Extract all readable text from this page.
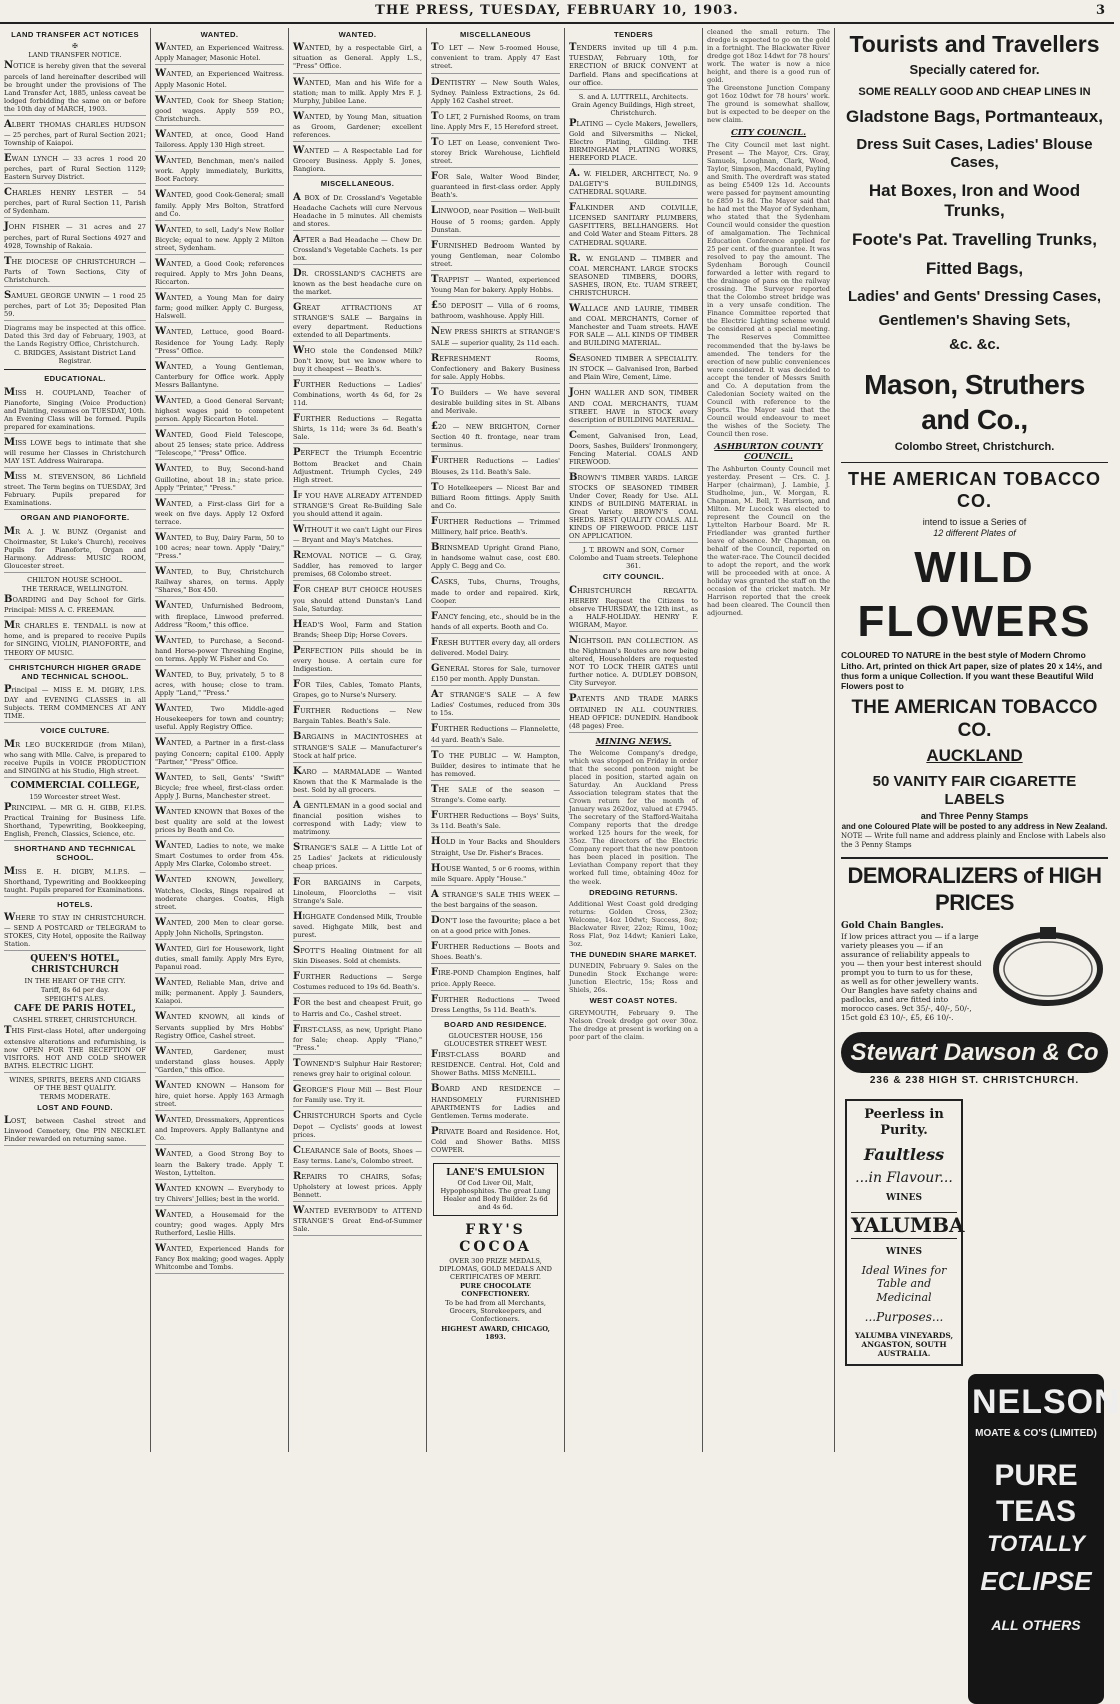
THE PRESS, TUESDAY, FEBRUARY 10, 1903.	3
LAND TRANSFER ACT NOTICES
✠
LAND TRANSFER NOTICE.
NOTICE is hereby given that the several parcels of land hereinafter described will be brought under the provisions of The Land Transfer Act, 1885, unless caveat be lodged forbidding the same on or before the 10th day of MARCH, 1903.
ALBERT THOMAS CHARLES HUDSON — 25 perches, part of Rural Section 2021; Township of Kaiapoi.
EWAN LYNCH — 33 acres 1 rood 20 perches, part of Rural Section 1129; Eastern Survey District.
CHARLES HENRY LESTER — 54 perches, part of Rural Section 11, Parish of Sydenham.
JOHN FISHER — 31 acres and 27 perches, part of Rural Sections 4927 and 4928, Township of Rakaia.
THE DIOCESE OF CHRISTCHURCH — Parts of Town Sections, City of Christchurch.
SAMUEL GEORGE UNWIN — 1 rood 25 perches, part of Lot 35; Deposited Plan 59.
Diagrams may be inspected at this office. Dated this 3rd day of February, 1903, at the Lands Registry Office, Christchurch.
C. BRIDGES, Assistant District Land Registrar.
EDUCATIONAL.
MISS H. COUPLAND, Teacher of Pianoforte, Singing (Voice Production) and Painting, resumes on TUESDAY, 10th. An Evening Class will be formed. Pupils prepared for examinations.
MISS LOWE begs to intimate that she will resume her Classes in Christchurch MAY 1ST. Address Wairarapa.
MISS M. STEVENSON, 86 Lichfield street. The Term begins on TUESDAY, 3rd February. Pupils prepared for Examinations.
ORGAN AND PIANOFORTE.
MR A. J. W. BUNZ (Organist and Choirmaster, St Luke's Church), receives Pupils for Pianoforte, Organ and Harmony. Address: MUSIC ROOM, Gloucester street.
CHILTON HOUSE SCHOOL.
THE TERRACE, WELLINGTON.
BOARDING and Day School for Girls. Principal: MISS A. C. FREEMAN.
MR CHARLES E. TENDALL is now at home, and is prepared to receive Pupils for SINGING, VIOLIN, PIANOFORTE, and THEORY OF MUSIC.
CHRISTCHURCH HIGHER GRADE AND TECHNICAL SCHOOL.
Principal — MISS E. M. DIGBY, I.P.S. DAY and EVENING CLASSES in all Subjects. TERM COMMENCES AT ANY TIME.
VOICE CULTURE.
MR LEO BUCKERIDGE (from Milan), who sang with Mlle. Calve, is prepared to receive Pupils in VOICE PRODUCTION and SINGING at his Studio, High street.
COMMERCIAL COLLEGE,
159 Worcester street West.
PRINCIPAL — MR G. H. GIBB, F.I.P.S. Practical Training for Business Life. Shorthand, Typewriting, Bookkeeping, English, French, Classics, Science, etc.
SHORTHAND AND TECHNICAL SCHOOL.
MISS E. H. DIGBY, M.I.P.S. — Shorthand, Typewriting and Bookkeeping taught. Pupils prepared for Examinations.
HOTELS.
WHERE TO STAY IN CHRISTCHURCH. — SEND A POSTCARD or TELEGRAM to STOKES, City Hotel, opposite the Railway Station.
QUEEN'S HOTEL, CHRISTCHURCH
IN THE HEART OF THE CITY.
Tariff, 8s 6d per day.
SPEIGHT'S ALES.
CAFE DE PARIS HOTEL,
CASHEL STREET, CHRISTCHURCH.
THIS First-class Hotel, after undergoing extensive alterations and refurnishing, is now OPEN FOR THE RECEPTION OF VISITORS. HOT AND COLD SHOWER BATHS. ELECTRIC LIGHT.
WINES, SPIRITS, BEERS AND CIGARS OF THE BEST QUALITY.
TERMS MODERATE.
LOST AND FOUND.
LOST, between Cashel street and Linwood Cemetery, One PIN NECKLET. Finder rewarded on returning same.
WANTED.
WANTED, an Experienced Waitress. Apply Manager, Masonic Hotel.
WANTED, an Experienced Waitress. Apply Masonic Hotel.
WANTED, Cook for Sheep Station; good wages. Apply 559 P.O., Christchurch.
WANTED, at once, Good Hand Tailoress. Apply 130 High street.
WANTED, Benchman, men's nailed work. Apply immediately, Burkitts, Boot Factory.
WANTED, good Cook-General; small family. Apply Mrs Bolton, Stratford and Co.
WANTED, to sell, Lady's New Roller Bicycle; equal to new. Apply 2 Milton street, Sydenham.
WANTED, a Good Cook; references required. Apply to Mrs John Deans, Riccarton.
WANTED, a Young Man for dairy farm; good milker. Apply C. Burgess, Halswell.
WANTED, Lettuce, good Board-Residence for Young Lady. Reply "Press" Office.
WANTED, a Young Gentleman, Canterbury for Office work. Apply Messrs Ballantyne.
WANTED, a Good General Servant; highest wages paid to competent person. Apply Riccarton Hotel.
WANTED, Good Field Telescope, about 25 lenses; state price. Address "Telescope," "Press" Office.
WANTED, to Buy, Second-hand Guillotine, about 18 in.; state price. Apply "Printer," "Press."
WANTED, a First-class Girl for a week on five days. Apply 12 Oxford terrace.
WANTED, to Buy, Dairy Farm, 50 to 100 acres; near town. Apply "Dairy," "Press."
WANTED, to Buy, Christchurch Railway shares, on terms. Apply "Shares," Box 450.
WANTED, Unfurnished Bedroom, with fireplace, Linwood preferred. Address "Room," this office.
WANTED, to Purchase, a Second-hand Horse-power Threshing Engine, on terms. Apply W. Fisher and Co.
WANTED, to Buy, privately, 5 to 8 acres, with house; close to tram. Apply "Land," "Press."
WANTED, Two Middle-aged Housekeepers for town and country; useful. Apply Registry Office.
WANTED, a Partner in a first-class paying Concern; capital £100. Apply "Partner," "Press" Office.
WANTED, to Sell, Gents' "Swift" Bicycle; free wheel, first-class order. Apply J. Burns, Manchester street.
WANTED KNOWN that Boxes of the best quality are sold at the lowest prices by Beath and Co.
WANTED, Ladies to note, we make Smart Costumes to order from 45s. Apply Mrs Clarke, Colombo street.
WANTED KNOWN, Jewellery, Watches, Clocks, Rings repaired at moderate charges. Coates, High street.
WANTED, 200 Men to clear gorse. Apply John Nicholls, Springston.
WANTED, Girl for Housework, light duties, small family. Apply Mrs Eyre, Papanui road.
WANTED, Reliable Man, drive and milk; permanent. Apply J. Saunders, Kaiapoi.
WANTED KNOWN, all kinds of Servants supplied by Mrs Hobbs' Registry Office, Cashel street.
WANTED, Gardener, must understand glass houses. Apply "Garden," this office.
WANTED KNOWN — Hansom for hire, quiet horse. Apply 163 Armagh street.
WANTED, Dressmakers, Apprentices and Improvers. Apply Ballantyne and Co.
WANTED, a Good Strong Boy to learn the Bakery trade. Apply T. Weston, Lyttelton.
WANTED KNOWN — Everybody to try Chivers' Jellies; best in the world.
WANTED, a Housemaid for the country; good wages. Apply Mrs Rutherford, Leslie Hills.
WANTED, Experienced Hands for Fancy Box making; good wages. Apply Whitcombe and Tombs.
WANTED.
WANTED, by a respectable Girl, a situation as General. Apply L.S., "Press" Office.
WANTED, Man and his Wife for a station; man to milk. Apply Mrs F. J. Murphy, Jubilee Lane.
WANTED, by Young Man, situation as Groom, Gardener; excellent references.
WANTED — A Respectable Lad for Grocery Business. Apply S. Jones, Rangiora.
MISCELLANEOUS.
A BOX of Dr. Crossland's Vegetable Headache Cachets will cure Nervous Headache in 5 minutes. All chemists and stores.
AFTER a Bad Headache — Chew Dr. Crossland's Vegetable Cachets. 1s per box.
DR. CROSSLAND'S CACHETS are known as the best headache cure on the market.
GREAT ATTRACTIONS AT STRANGE'S SALE — Bargains in every department. Reductions extended to all Departments.
WHO stole the Condensed Milk? Don't know, but we know where to buy it cheapest — Beath's.
FURTHER Reductions — Ladies' Combinations, worth 4s 6d, for 2s 11d.
FURTHER Reductions — Regatta Shirts, 1s 11d; were 3s 6d. Beath's Sale.
PERFECT the Triumph Eccentric Bottom Bracket and Chain Adjustment. Triumph Cycles, 249 High street.
IF YOU HAVE ALREADY ATTENDED STRANGE'S Great Re-Building Sale you should attend it again.
WITHOUT it we can't Light our Fires — Bryant and May's Matches.
REMOVAL NOTICE — G. Gray, Saddler, has removed to larger premises, 68 Colombo street.
FOR CHEAP BUT CHOICE HOUSES you should attend Dunstan's Land Sale, Saturday.
HEAD'S Wool, Farm and Station Brands; Sheep Dip; Horse Covers.
PERFECTION Pills should be in every house. A certain cure for Indigestion.
FOR Tiles, Cables, Tomato Plants, Grapes, go to Nurse's Nursery.
FURTHER Reductions — New Bargain Tables. Beath's Sale.
BARGAINS in MACINTOSHES at STRANGE'S SALE — Manufacturer's Stock at half price.
KARO — MARMALADE — Wanted Known that the K Marmalade is the best. Sold by all grocers.
A GENTLEMAN in a good social and financial position wishes to correspond with Lady; view to matrimony.
STRANGE'S SALE — A Little Lot of 25 Ladies' Jackets at ridiculously cheap prices.
FOR BARGAINS in Carpets, Linoleum, Floorcloths — visit Strange's Sale.
HIGHGATE Condensed Milk, Trouble saved. Highgate Milk, best and purest.
SPOTT'S Healing Ointment for all Skin Diseases. Sold at chemists.
FURTHER Reductions — Serge Costumes reduced to 19s 6d. Beath's.
FOR the best and cheapest Fruit, go to Harris and Co., Cashel street.
FIRST-CLASS, as new, Upright Piano for Sale; cheap. Apply "Piano," "Press."
TOWNEND'S Sulphur Hair Restorer; renews grey hair to original colour.
GEORGE'S Flour Mill — Best Flour for Family use. Try it.
CHRISTCHURCH Sports and Cycle Depot — Cyclists' goods at lowest prices.
CLEARANCE Sale of Boots, Shoes — Easy terms. Lane's, Colombo street.
REPAIRS TO CHAIRS, Sofas; Upholstery at lowest prices. Apply Bennett.
WANTED EVERYBODY to ATTEND STRANGE'S Great End-of-Summer Sale.
MISCELLANEOUS
TO LET — New 5-roomed House, convenient to tram. Apply 47 East street.
DENTISTRY — New South Wales, Sydney. Painless Extractions, 2s 6d. Apply 162 Cashel street.
TO LET, 2 Furnished Rooms, on tram line. Apply Mrs F., 15 Hereford street.
TO LET on Lease, convenient Two-storey Brick Warehouse, Lichfield street.
FOR Sale, Walter Wood Binder, guaranteed in first-class order. Apply Beath's.
LINWOOD, near Position — Well-built House of 5 rooms; garden. Apply Dunstan.
FURNISHED Bedroom Wanted by young Gentleman, near Colombo street.
TRAPPIST — Wanted, experienced Young Man for bakery. Apply Hobbs.
£50 DEPOSIT — Villa of 6 rooms, bathroom, washhouse. Apply Hill.
NEW PRESS SHIRTS at STRANGE'S SALE — superior quality, 2s 11d each.
REFRESHMENT Rooms, Confectionery and Bakery Business for sale. Apply Hobbs.
TO Builders — We have several desirable building sites in St. Albans and Merivale.
£20 — NEW BRIGHTON, Corner Section 40 ft. frontage, near tram terminus.
FURTHER Reductions — Ladies' Blouses, 2s 11d. Beath's Sale.
TO Hotelkeepers — Nicest Bar and Billiard Room fittings. Apply Smith and Co.
FURTHER Reductions — Trimmed Millinery, half price. Beath's.
BRINSMEAD Upright Grand Piano, in handsome walnut case, cost £80. Apply C. Begg and Co.
CASKS, Tubs, Churns, Troughs, made to order and repaired. Kirk, Cooper.
FANCY fencing, etc., should be in the hands of all experts. Booth and Co.
FRESH BUTTER every day, all orders delivered. Model Dairy.
GENERAL Stores for Sale, turnover £150 per month. Apply Dunstan.
AT STRANGE'S SALE — A few Ladies' Costumes, reduced from 30s to 15s.
FURTHER Reductions — Flannelette, 4d yard. Beath's Sale.
TO THE PUBLIC — W. Hampton, Builder, desires to intimate that he has removed.
THE SALE of the season — Strange's. Come early.
FURTHER Reductions — Boys' Suits, 3s 11d. Beath's Sale.
HOLD in Your Backs and Shoulders Straight, Use Dr. Fisher's Braces.
HOUSE Wanted, 5 or 6 rooms, within mile Square. Apply "House."
A STRANGE'S SALE THIS WEEK — the best bargains of the season.
DON'T lose the favourite; place a bet on at a good price with Jones.
FURTHER Reductions — Boots and Shoes. Beath's.
FIRE-POND Champion Engines, half price. Apply Reece.
FURTHER Reductions — Tweed Dress Lengths, 5s 11d. Beath's.
BOARD AND RESIDENCE.
GLOUCESTER HOUSE, 156 GLOUCESTER STREET WEST.
FIRST-CLASS BOARD and RESIDENCE. Central. Hot, Cold and Shower Baths. MISS McNEILL.
BOARD AND RESIDENCE — HANDSOMELY FURNISHED APARTMENTS for Ladies and Gentlemen. Terms moderate.
PRIVATE Board and Residence. Hot, Cold and Shower Baths. MISS COWPER.
LANE'S EMULSION
Of Cod Liver Oil, Malt, Hypophosphites. The great Lung Healer and Body Builder. 2s 6d and 4s 6d.
FRY'S COCOA
OVER 300 PRIZE MEDALS, DIPLOMAS, GOLD MEDALS AND CERTIFICATES OF MERIT.
PURE CHOCOLATE CONFECTIONERY.
To be had from all Merchants, Grocers, Storekeepers, and Confectioners.
HIGHEST AWARD, CHICAGO, 1893.
TENDERS
TENDERS invited up till 4 p.m. TUESDAY, February 10th, for ERECTION of BRICK CONVENT at Darfield. Plans and specifications at our office.
S. and A. LUTTRELL, Architects. Grain Agency Buildings, High street, Christchurch.
PLATING — Cycle Makers, Jewellers, Gold and Silversmiths — Nickel, Electro Plating, Gilding. THE BIRMINGHAM PLATING WORKS, HEREFORD PLACE.
A. W. FIELDER, ARCHITECT, No. 9 DALGETY'S BUILDINGS, CATHEDRAL SQUARE.
FALKINDER AND COLVILLE, LICENSED SANITARY PLUMBERS, GASFITTERS, BELLHANGERS. Hot and Cold Water and Steam Fitters. 28 CATHEDRAL SQUARE.
R. W. ENGLAND — TIMBER and COAL MERCHANT. LARGE STOCKS SEASONED TIMBERS, DOORS, SASHES, IRON, Etc. TUAM STREET, CHRISTCHURCH.
WALLACE AND LAURIE, TIMBER and COAL MERCHANTS, Corner of Manchester and Tuam streets. HAVE FOR SALE — ALL KINDS OF TIMBER and BUILDING MATERIAL.
SEASONED TIMBER A SPECIALITY. IN STOCK — Galvanised Iron, Barbed and Plain Wire, Cement, Lime.
JOHN WALLER AND SON, TIMBER AND COAL MERCHANTS, TUAM STREET. HAVE in STOCK every description of BUILDING MATERIAL.
Cement, Galvanised Iron, Lead, Doors, Sashes, Builders' Ironmongery, Fencing Material. COALS AND FIREWOOD.
BROWN'S TIMBER YARDS. LARGE STOCKS OF SEASONED TIMBER Under Cover, Ready for Use. ALL KINDS of BUILDING MATERIAL in Great Variety. BROWN'S COAL SHEDS. BEST QUALITY COALS. ALL KINDS OF FIREWOOD. PRICE LIST ON APPLICATION.
J. T. BROWN and SON, Corner Colombo and Tuam streets. Telephone 361.
CITY COUNCIL.
CHRISTCHURCH REGATTA. HEREBY Request the Citizens to observe THURSDAY, the 12th inst., as a HALF-HOLIDAY. HENRY F. WIGRAM, Mayor.
NIGHTSOIL PAN COLLECTION. AS the Nightman's Routes are now being altered, Householders are requested NOT TO LOCK THEIR GATES until further notice. A. DUDLEY DOBSON, City Surveyor.
PATENTS AND TRADE MARKS OBTAINED IN ALL COUNTRIES. HEAD OFFICE: DUNEDIN. Handbook (48 pages) Free.
MINING NEWS.
The Welcome Company's dredge, which was stopped on Friday in order that the second pontoon might be placed in position, started again on Saturday. An Auckland Press Association telegram states that the Crown return for the month of January was 2620oz, valued at £7945. The secretary of the Stafford-Waitaha Company reports that the dredge worked 125 hours for the week, for 35oz. The directors of the Electric Company report that the new pontoon has been placed in position. The Leviathan Company report that they worked full time, obtaining 40oz for the week.
DREDGING RETURNS.
Additional West Coast gold dredging returns: Golden Cross, 23oz; Welcome, 14oz 10dwt; Success, 8oz; Blackwater River, 22oz; Rimu, 10oz; Ross Flat, 9oz 14dwt; Kanieri Lake, 3oz.
THE DUNEDIN SHARE MARKET.
DUNEDIN, February 9. Sales on the Dunedin Stock Exchange were: Junction Electric, 15s; Ross and Shiels, 26s.
WEST COAST NOTES.
GREYMOUTH, February 9. The Nelson Creek dredge got over 30oz. The dredge at present is working on a poor part of the claim.
cleaned the small return. The dredge is expected to go on the gold in a fortnight. The Blackwater River dredge got 18oz 14dwt for 78 hours' work. The water is now a nice height, and there is a good run of gold.
The Greenstone Junction Company got 16oz 10dwt for 78 hours' work. The ground is somewhat shallow, but is expected to be deeper on the new claim.
CITY COUNCIL.
The City Council met last night. Present — The Mayor, Crs. Gray, Samuels, Loughnan, Clark, Wood, Taylor, Simpson, Macdonald, Payling and Smith. The overdraft was stated as being £5409 12s 1d. Accounts were passed for payment amounting to £859 1s 8d. The Mayor said that he had met the Mayor of Sydenham, who stated that the Sydenham Council would consider the question of amalgamation. The Technical Education Conference applied for 25 per cent. of the guarantee. It was resolved to pay the amount. The Sydenham Borough Council forwarded a letter with regard to the drainage of pans on the railway crossing. The Surveyor reported that the Colombo street bridge was in a very unsafe condition. The Finance Committee reported that the Electric Lighting scheme would be considered at a special meeting. The Reserves Committee recommended that the by-laws be amended. The tenders for the erection of new public conveniences were considered. It was decided to accept the tender of Messrs Smith and Co. A deputation from the Caledonian Society waited on the Council with reference to the Sports. The Mayor said that the Council would endeavour to meet the wishes of the Society. The Council then rose.
ASHBURTON COUNTY COUNCIL.
The Ashburton County Council met yesterday. Present — Crs. C. J. Harper (chairman), J. Lambie, J. Studholme, jun., W. Morgan, R. Chapman, M. Bell, T. Harrison, and Milton. Mr Lucock was elected to represent the Council on the Lyttelton Harbour Board. Mr R. Friedlander was granted further leave of absence. Mr Chapman, on behalf of the Council, reported on the water-race. The Council decided to adopt the report, and the work will be proceeded with at once. A holiday was granted the staff on the occasion of the cricket match. Mr Harrison reported that the creek had been cleared. The Council then adjourned.
Tourists and Travellers
Specially catered for.
SOME REALLY GOOD AND CHEAP LINES IN
Gladstone Bags, Portmanteaux,
Dress Suit Cases, Ladies' Blouse Cases,
Hat Boxes, Iron and Wood Trunks,
Foote's Pat. Travelling Trunks,
Fitted Bags,
Ladies' and Gents' Dressing Cases,
Gentlemen's Shaving Sets,
&c. &c.
Mason, Struthers and Co.,
Colombo Street, Christchurch.
THE AMERICAN TOBACCO CO.
intend to issue a Series of
12 different Plates of
WILD FLOWERS
COLOURED TO NATURE in the best style of Modern Chromo Litho. Art, printed on thick Art paper, size of plates 20 x 14½, and thus form a unique Collection. If you want these Beautiful Wild Flowers post to
THE AMERICAN TOBACCO CO.
AUCKLAND
50 VANITY FAIR CIGARETTE LABELS
and Three Penny Stamps
and one Coloured Plate will be posted to any address in New Zealand.
NOTE — Write full name and address plainly and Enclose with Labels also the 3 Penny Stamps
DEMORALIZERS of HIGH PRICES
Gold Chain Bangles.
If low prices attract you — if a large variety pleases you — if an assurance of reliability appeals to you — then your best interest should prompt you to turn to us for these, as well as for other jewellery wants. Our Bangles have safety chains and padlocks, and are fitted into morocco cases. 9ct 35/-, 40/-, 50/-, 15ct gold £3 10/-, £5, £6 10/-.
Stewart Dawson & Co
236 & 238 HIGH ST. CHRISTCHURCH.
Peerless in Purity.
Faultless
...in Flavour...
WINES
YALUMBA
WINES
Ideal Wines for Table and Medicinal
...Purposes...
YALUMBA VINEYARDS, ANGASTON, SOUTH AUSTRALIA.
NELSON
MOATE & CO'S (LIMITED)
PURE
TEAS
TOTALLY
ECLIPSE
ALL OTHERS
